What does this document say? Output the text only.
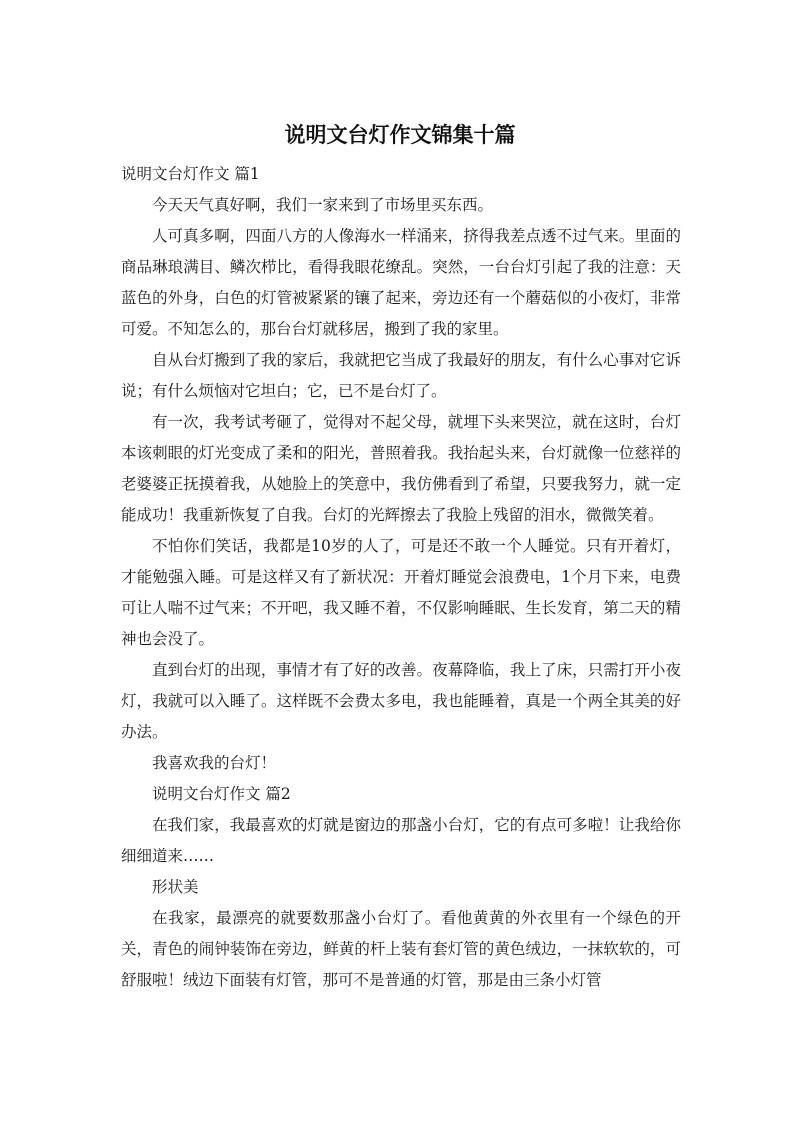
说明文台灯作文锦集十篇

说明文台灯作文 篇1

今天天气真好啊，我们一家来到了市场里买东西。

人可真多啊，四面八方的人像海水一样涌来，挤得我差点透不过气来。里面的商品琳琅满目、鳞次栉比，看得我眼花缭乱。突然，一台台灯引起了我的注意：天蓝色的外身，白色的灯管被紧紧的镶了起来，旁边还有一个蘑菇似的小夜灯，非常可爱。不知怎么的，那台台灯就移居，搬到了我的家里。

自从台灯搬到了我的家后，我就把它当成了我最好的朋友，有什么心事对它诉说；有什么烦恼对它坦白；它，已不是台灯了。

有一次，我考试考砸了，觉得对不起父母，就埋下头来哭泣，就在这时，台灯本该刺眼的灯光变成了柔和的阳光，普照着我。我抬起头来，台灯就像一位慈祥的老婆婆正抚摸着我，从她脸上的笑意中，我仿佛看到了希望，只要我努力，就一定能成功！我重新恢复了自我。台灯的光辉擦去了我脸上残留的泪水，微微笑着。

不怕你们笑话，我都是10岁的人了，可是还不敢一个人睡觉。只有开着灯，才能勉强入睡。可是这样又有了新状况：开着灯睡觉会浪费电，1个月下来，电费可让人喘不过气来；不开吧，我又睡不着，不仅影响睡眠、生长发育，第二天的精神也会没了。

直到台灯的出现，事情才有了好的改善。夜幕降临，我上了床，只需打开小夜灯，我就可以入睡了。这样既不会费太多电，我也能睡着，真是一个两全其美的好办法。

我喜欢我的台灯！

说明文台灯作文 篇2

在我们家，我最喜欢的灯就是窗边的那盏小台灯，它的有点可多啦！让我给你细细道来……

形状美

在我家，最漂亮的就要数那盏小台灯了。看他黄黄的外衣里有一个绿色的开关，青色的闹钟装饰在旁边，鲜黄的杆上装有套灯管的黄色绒边，一抹软软的，可舒服啦！绒边下面装有灯管，那可不是普通的灯管，那是由三条小灯管
